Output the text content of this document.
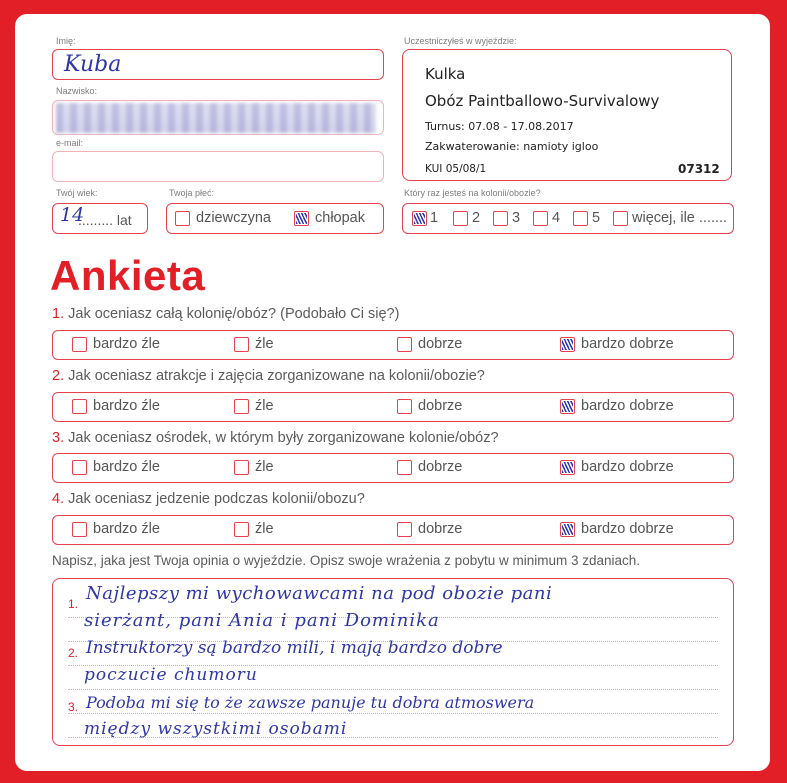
Imię:
Kuba
Nazwisko:
e-mail:
Twój wiek:
14
......... lat
Twoja płeć:
dziewczyna	chłopak
Uczestniczyłeś w wyjeździe:
Kulka
Obóz Paintballowo-Survivalowy
Turnus: 07.08 - 17.08.2017
Zakwaterowanie: namioty igloo
KUI 05/08/1	07312
Który raz jesteś na kolonii/obozie?
1 2 3 4 5 więcej, ile .......
Ankieta
1. Jak oceniasz całą kolonię/obóz? (Podobało Ci się?)
bardzo źle	źle	dobrze	bardzo dobrze
2. Jak oceniasz atrakcje i zajęcia zorganizowane na kolonii/obozie?
bardzo źle	źle	dobrze	bardzo dobrze
3. Jak oceniasz ośrodek, w którym były zorganizowane kolonie/obóz?
bardzo źle	źle	dobrze	bardzo dobrze
4. Jak oceniasz jedzenie podczas kolonii/obozu?
bardzo źle	źle	dobrze	bardzo dobrze
Napisz, jaka jest Twoja opinia o wyjeździe. Opisz swoje wrażenia z pobytu w minimum 3 zdaniach.
1.
2.
3.
Najlepszy mi wychowawcami na pod obozie pani
sierżant, pani Ania i pani Dominika
Instruktorzy są bardzo mili, i mają bardzo dobre
poczucie chumoru
Podoba mi się to że zawsze panuje tu dobra atmoswera
między wszystkimi osobami
